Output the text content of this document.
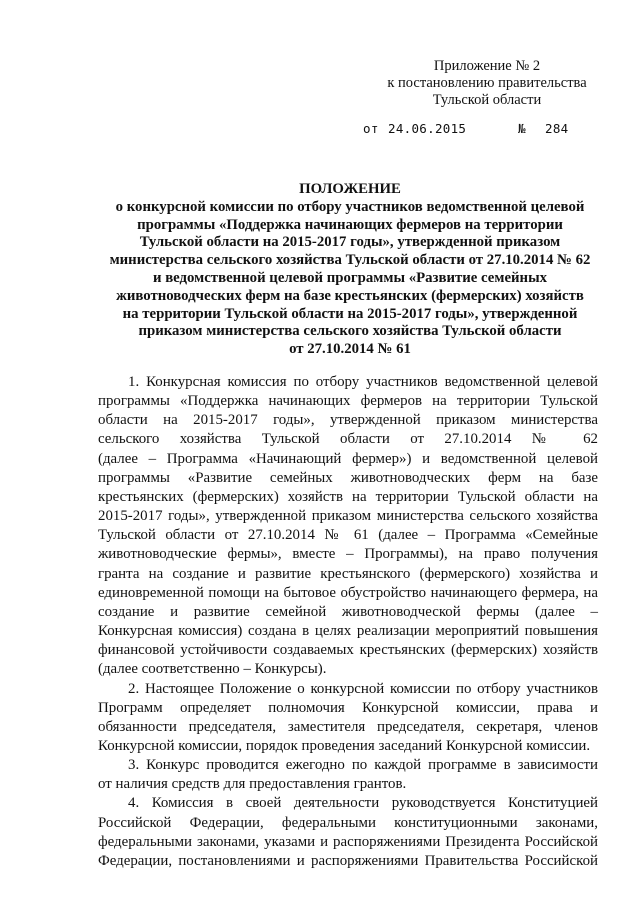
Приложение № 2
к постановлению правительства
Тульской области
от 24.06.2015	№ 284
ПОЛОЖЕНИЕ
о конкурсной комиссии по отбору участников ведомственной целевой
программы «Поддержка начинающих фермеров на территории
Тульской области на 2015-2017 годы», утвержденной приказом
министерства сельского хозяйства Тульской области от 27.10.2014 № 62
и ведомственной целевой программы «Развитие семейных
животноводческих ферм на базе крестьянских (фермерских) хозяйств
на территории Тульской области на 2015-2017 годы», утвержденной
приказом министерства сельского хозяйства Тульской области
от 27.10.2014 № 61
1. Конкурсная комиссия по отбору участников ведомственной целевой
программы «Поддержка начинающих фермеров на территории Тульской
области на 2015-2017 годы», утвержденной приказом министерства
сельского хозяйства Тульской области от 27.10.2014 № 62
(далее – Программа «Начинающий фермер») и ведомственной целевой
программы «Развитие семейных животноводческих ферм на базе
крестьянских (фермерских) хозяйств на территории Тульской области на
2015-2017 годы», утвержденной приказом министерства сельского хозяйства
Тульской области от 27.10.2014 № 61 (далее – Программа «Семейные
животноводческие фермы», вместе – Программы), на право получения
гранта на создание и развитие крестьянского (фермерского) хозяйства и
единовременной помощи на бытовое обустройство начинающего фермера, на
создание и развитие семейной животноводческой фермы (далее –
Конкурсная комиссия) создана в целях реализации мероприятий повышения
финансовой устойчивости создаваемых крестьянских (фермерских) хозяйств
(далее соответственно – Конкурсы).
2. Настоящее Положение о конкурсной комиссии по отбору участников
Программ определяет полномочия Конкурсной комиссии, права и
обязанности председателя, заместителя председателя, секретаря, членов
Конкурсной комиссии, порядок проведения заседаний Конкурсной комиссии.
3. Конкурс проводится ежегодно по каждой программе в зависимости
от наличия средств для предоставления грантов.
4. Комиссия в своей деятельности руководствуется Конституцией
Российской Федерации, федеральными конституционными законами,
федеральными законами, указами и распоряжениями Президента Российской
Федерации, постановлениями и распоряжениями Правительства Российской
